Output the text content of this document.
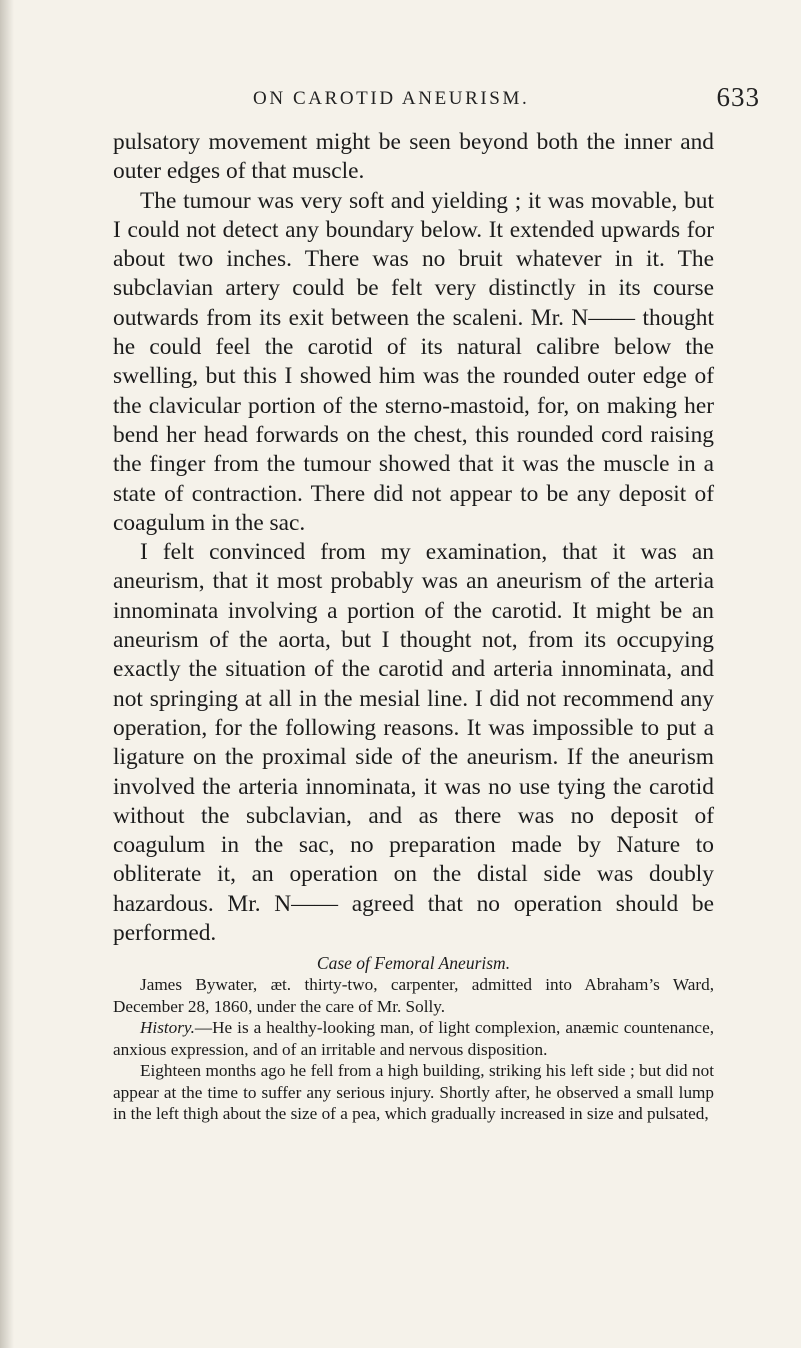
ON CAROTID ANEURISM.	633

pulsatory movement might be seen beyond both the inner and outer edges of that muscle.

The tumour was very soft and yielding ; it was movable, but I could not detect any boundary below. It extended upwards for about two inches. There was no bruit whatever in it. The subclavian artery could be felt very distinctly in its course outwards from its exit between the scaleni. Mr. N—— thought he could feel the carotid of its natural calibre below the swelling, but this I showed him was the rounded outer edge of the clavicular portion of the sterno-mastoid, for, on making her bend her head forwards on the chest, this rounded cord raising the finger from the tumour showed that it was the muscle in a state of contraction. There did not appear to be any deposit of coagulum in the sac.

I felt convinced from my examination, that it was an aneurism, that it most probably was an aneurism of the arteria innominata involving a portion of the carotid. It might be an aneurism of the aorta, but I thought not, from its occupying exactly the situation of the carotid and arteria innominata, and not springing at all in the mesial line. I did not recommend any operation, for the following reasons. It was impossible to put a ligature on the proximal side of the aneurism. If the aneurism involved the arteria innominata, it was no use tying the carotid without the subclavian, and as there was no deposit of coagulum in the sac, no preparation made by Nature to obliterate it, an operation on the distal side was doubly hazardous. Mr. N—— agreed that no operation should be performed.

Case of Femoral Aneurism.

James Bywater, æt. thirty-two, carpenter, admitted into Abraham’s Ward, December 28, 1860, under the care of Mr. Solly.

History.—He is a healthy-looking man, of light complexion, anæmic countenance, anxious expression, and of an irritable and nervous disposition.

Eighteen months ago he fell from a high building, striking his left side ; but did not appear at the time to suffer any serious injury. Shortly after, he observed a small lump in the left thigh about the size of a pea, which gradually increased in size and pulsated,
